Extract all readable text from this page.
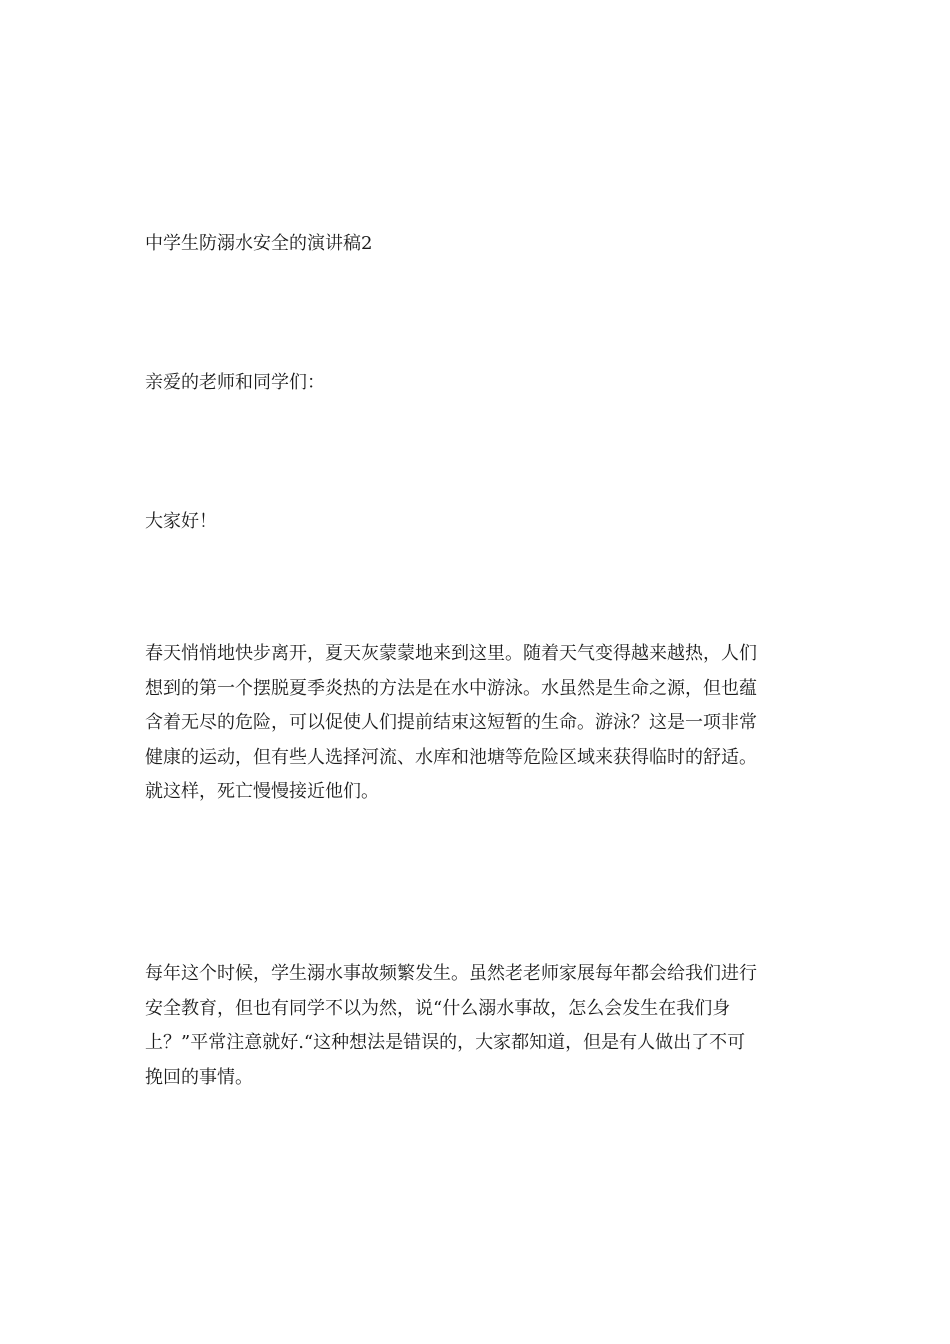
中学生防溺水安全的演讲稿2

亲爱的老师和同学们：

大家好！

春天悄悄地快步离开，夏天灰蒙蒙地来到这里。随着天气变得越来越热，人们
想到的第一个摆脱夏季炎热的方法是在水中游泳。水虽然是生命之源，但也蕴
含着无尽的危险，可以促使人们提前结束这短暂的生命。游泳？这是一项非常
健康的运动，但有些人选择河流、水库和池塘等危险区域来获得临时的舒适。
就这样，死亡慢慢接近他们。
每年这个时候，学生溺水事故频繁发生。虽然老老师家展每年都会给我们进行
安全教育，但也有同学不以为然，说“什么溺水事故，怎么会发生在我们身
上？”平常注意就好.“这种想法是错误的，大家都知道，但是有人做出了不可
挽回的事情。
